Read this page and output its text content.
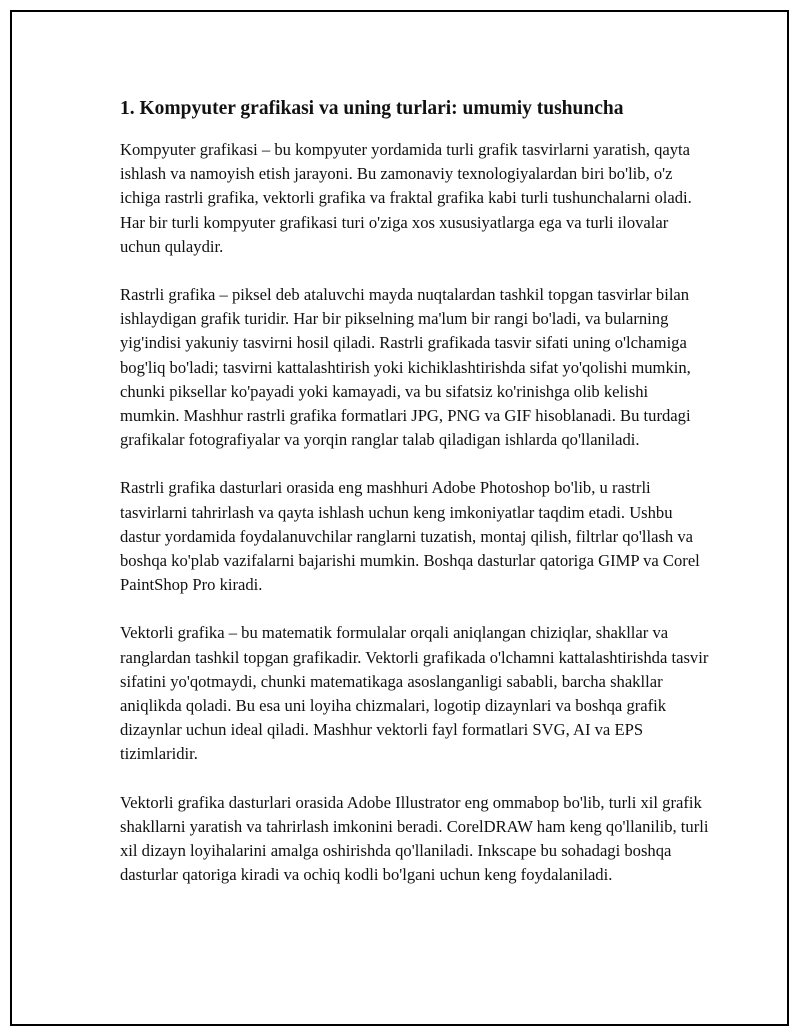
1. Kompyuter grafikasi va uning turlari: umumiy tushuncha

Kompyuter grafikasi – bu kompyuter yordamida turli grafik tasvirlarni yaratish, qayta ishlash va namoyish etish jarayoni. Bu zamonaviy texnologiyalardan biri bo'lib, o'z ichiga rastrli grafika, vektorli grafika va fraktal grafika kabi turli tushunchalarni oladi. Har bir turli kompyuter grafikasi turi o'ziga xos xususiyatlarga ega va turli ilovalar uchun qulaydir.

Rastrli grafika – piksel deb ataluvchi mayda nuqtalardan tashkil topgan tasvirlar bilan ishlaydigan grafik turidir. Har bir pikselning ma'lum bir rangi bo'ladi, va bularning yig'indisi yakuniy tasvirni hosil qiladi. Rastrli grafikada tasvir sifati uning o'lchamiga bog'liq bo'ladi; tasvirni kattalashtirish yoki kichiklashtirishda sifat yo'qolishi mumkin, chunki piksellar ko'payadi yoki kamayadi, va bu sifatsiz ko'rinishga olib kelishi mumkin. Mashhur rastrli grafika formatlari JPG, PNG va GIF hisoblanadi. Bu turdagi grafikalar fotografiyalar va yorqin ranglar talab qiladigan ishlarda qo'llaniladi.

Rastrli grafika dasturlari orasida eng mashhuri Adobe Photoshop bo'lib, u rastrli tasvirlarni tahrirlash va qayta ishlash uchun keng imkoniyatlar taqdim etadi. Ushbu dastur yordamida foydalanuvchilar ranglarni tuzatish, montaj qilish, filtrlar qo'llash va boshqa ko'plab vazifalarni bajarishi mumkin. Boshqa dasturlar qatoriga GIMP va Corel PaintShop Pro kiradi.

Vektorli grafika – bu matematik formulalar orqali aniqlangan chiziqlar, shakllar va ranglardan tashkil topgan grafikadir. Vektorli grafikada o'lchamni kattalashtirishda tasvir sifatini yo'qotmaydi, chunki matematikaga asoslanganligi sababli, barcha shakllar aniqlikda qoladi. Bu esa uni loyiha chizmalari, logotip dizaynlari va boshqa grafik dizaynlar uchun ideal qiladi. Mashhur vektorli fayl formatlari SVG, AI va EPS tizimlaridir.

Vektorli grafika dasturlari orasida Adobe Illustrator eng ommabop bo'lib, turli xil grafik shakllarni yaratish va tahrirlash imkonini beradi. CorelDRAW ham keng qo'llanilib, turli xil dizayn loyihalarini amalga oshirishda qo'llaniladi. Inkscape bu sohadagi boshqa dasturlar qatoriga kiradi va ochiq kodli bo'lgani uchun keng foydalaniladi.
